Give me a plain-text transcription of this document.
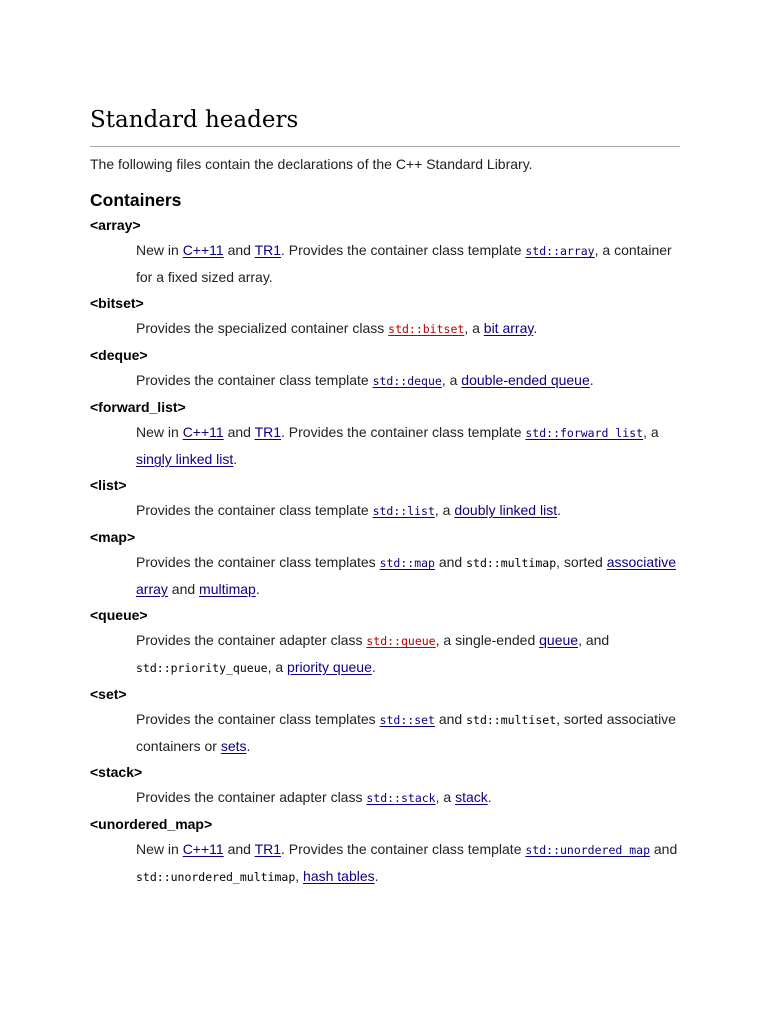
Standard headers

The following files contain the declarations of the C++ Standard Library.

Containers
<array>
New in C++11 and TR1. Provides the container class template std::array, a container for a fixed sized array.
<bitset>
Provides the specialized container class std::bitset, a bit array.
<deque>
Provides the container class template std::deque, a double-ended queue.
<forward_list>
New in C++11 and TR1. Provides the container class template std::forward_list, a singly linked list.
<list>
Provides the container class template std::list, a doubly linked list.
<map>
Provides the container class templates std::map and std::multimap, sorted associative array and multimap.
<queue>
Provides the container adapter class std::queue, a single-ended queue, and std::priority_queue, a priority queue.
<set>
Provides the container class templates std::set and std::multiset, sorted associative containers or sets.
<stack>
Provides the container adapter class std::stack, a stack.
<unordered_map>
New in C++11 and TR1. Provides the container class template std::unordered_map and std::unordered_multimap, hash tables.
